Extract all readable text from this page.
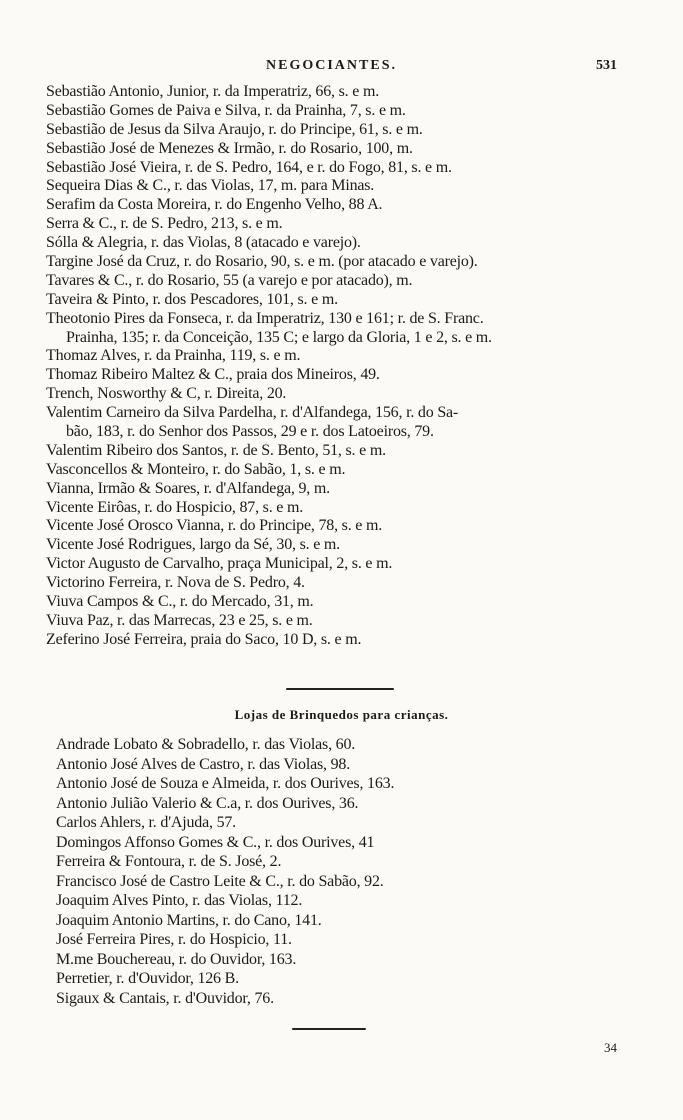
NEGOCIANTES.	531
Sebastião Antonio, Junior, r. da Imperatriz, 66, s. e m.
Sebastião Gomes de Paiva e Silva, r. da Prainha, 7, s. e m.
Sebastião de Jesus da Silva Araujo, r. do Principe, 61, s. e m.
Sebastião José de Menezes & Irmão, r. do Rosario, 100, m.
Sebastião José Vieira, r. de S. Pedro, 164, e r. do Fogo, 81, s. e m.
Sequeira Dias & C., r. das Violas, 17, m. para Minas.
Serafim da Costa Moreira, r. do Engenho Velho, 88 A.
Serra & C., r. de S. Pedro, 213, s. e m.
Sólla & Alegria, r. das Violas, 8 (atacado e varejo).
Targine José da Cruz, r. do Rosario, 90, s. e m. (por atacado e varejo).
Tavares & C., r. do Rosario, 55 (a varejo e por atacado), m.
Taveira & Pinto, r. dos Pescadores, 101, s. e m.
Theotonio Pires da Fonseca, r. da Imperatriz, 130 e 161; r. de S. Franc.
Prainha, 135; r. da Conceição, 135 C; e largo da Gloria, 1 e 2, s. e m.
Thomaz Alves, r. da Prainha, 119, s. e m.
Thomaz Ribeiro Maltez & C., praia dos Mineiros, 49.
Trench, Nosworthy & C, r. Direita, 20.
Valentim Carneiro da Silva Pardelha, r. d'Alfandega, 156, r. do Sa-
bão, 183, r. do Senhor dos Passos, 29 e r. dos Latoeiros, 79.
Valentim Ribeiro dos Santos, r. de S. Bento, 51, s. e m.
Vasconcellos & Monteiro, r. do Sabão, 1, s. e m.
Vianna, Irmão & Soares, r. d'Alfandega, 9, m.
Vicente Eirôas, r. do Hospicio, 87, s. e m.
Vicente José Orosco Vianna, r. do Principe, 78, s. e m.
Vicente José Rodrigues, largo da Sé, 30, s. e m.
Victor Augusto de Carvalho, praça Municipal, 2, s. e m.
Victorino Ferreira, r. Nova de S. Pedro, 4.
Viuva Campos & C., r. do Mercado, 31, m.
Viuva Paz, r. das Marrecas, 23 e 25, s. e m.
Zeferino José Ferreira, praia do Saco, 10 D, s. e m.
Lojas de Brinquedos para crianças.
Andrade Lobato & Sobradello, r. das Violas, 60.
Antonio José Alves de Castro, r. das Violas, 98.
Antonio José de Souza e Almeida, r. dos Ourives, 163.
Antonio Julião Valerio & C.a, r. dos Ourives, 36.
Carlos Ahlers, r. d'Ajuda, 57.
Domingos Affonso Gomes & C., r. dos Ourives, 41
Ferreira & Fontoura, r. de S. José, 2.
Francisco José de Castro Leite & C., r. do Sabão, 92.
Joaquim Alves Pinto, r. das Violas, 112.
Joaquim Antonio Martins, r. do Cano, 141.
José Ferreira Pires, r. do Hospicio, 11.
M.me Bouchereau, r. do Ouvidor, 163.
Perretier, r. d'Ouvidor, 126 B.
Sigaux & Cantais, r. d'Ouvidor, 76.
34
